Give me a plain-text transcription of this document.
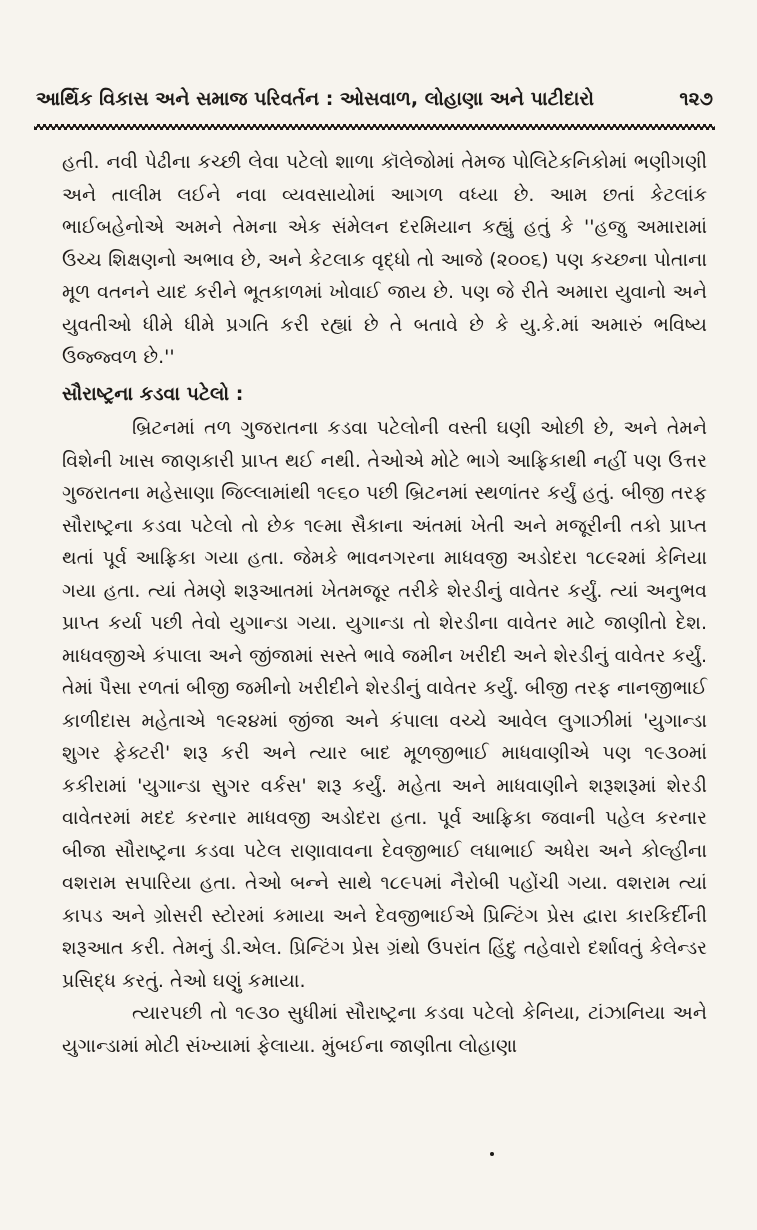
આર્થિક વિકાસ અને સમાજ પરિવર્તન : ઓસવાળ, લોહાણા અને પાટીદારો	૧૨૭

હતી. નવી પેઢીના કચ્છી લેવા પટેલો શાળા કૉલેજોમાં તેમજ પોલિટેકનિકોમાં ભણીગણી અને તાલીમ લઈને નવા વ્યવસાયોમાં આગળ વધ્યા છે. આમ છતાં કેટલાંક ભાઈબહેનોએ અમને તેમના એક સંમેલન દરમિયાન કહ્યું હતું કે ''હજુ અમારામાં ઉચ્ચ શિક્ષણનો અભાવ છે, અને કેટલાક વૃદ્ધો તો આજે (૨૦૦૬) પણ કચ્છના પોતાના મૂળ વતનને યાદ કરીને ભૂતકાળમાં ખોવાઈ જાય છે. પણ જે રીતે અમારા યુવાનો અને યુવતીઓ ધીમે ધીમે પ્રગતિ કરી રહ્યાં છે તે બતાવે છે કે યુ.કે.માં અમારું ભવિષ્ય ઉજ્જ્વળ છે.''

સૌરાષ્ટ્રના કડવા પટેલો :

બ્રિટનમાં તળ ગુજરાતના કડવા પટેલોની વસ્તી ઘણી ઓછી છે, અને તેમને વિશેની ખાસ જાણકારી પ્રાપ્ત થઈ નથી. તેઓએ મોટે ભાગે આફ્રિકાથી નહીં પણ ઉત્તર ગુજરાતના મહેસાણા જિલ્લામાંથી ૧૯૬૦ પછી બ્રિટનમાં સ્થળાંતર કર્યું હતું. બીજી તરફ સૌરાષ્ટ્રના કડવા પટેલો તો છેક ૧૯મા સૈકાના અંતમાં ખેતી અને મજૂરીની તકો પ્રાપ્ત થતાં પૂર્વ આફ્રિકા ગયા હતા. જેમકે ભાવનગરના માધવજી અડોદરા ૧૮૯૨માં કેનિયા ગયા હતા. ત્યાં તેમણે શરૂઆતમાં ખેતમજૂર તરીકે શેરડીનું વાવેતર કર્યું. ત્યાં અનુભવ પ્રાપ્ત કર્યા પછી તેવો યુગાન્ડા ગયા. યુગાન્ડા તો શેરડીના વાવેતર માટે જાણીતો દેશ. માધવજીએ કંપાલા અને જીંજામાં સસ્તે ભાવે જમીન ખરીદી અને શેરડીનું વાવેતર કર્યું. તેમાં પૈસા રળતાં બીજી જમીનો ખરીદીને શેરડીનું વાવેતર કર્યું. બીજી તરફ નાનજીભાઈ કાળીદાસ મહેતાએ ૧૯૨૪માં જીંજા અને કંપાલા વચ્ચે આવેલ લુગાઝીમાં 'યુગાન્ડા શુગર ફેક્ટરી' શરૂ કરી અને ત્યાર બાદ મૂળજીભાઈ માધવાણીએ પણ ૧૯૩૦માં કકીરામાં 'યુગાન્ડા સુગર વર્કસ' શરૂ કર્યું. મહેતા અને માધવાણીને શરૂશરૂમાં શેરડી વાવેતરમાં મદદ કરનાર માધવજી અડોદરા હતા. પૂર્વ આફ્રિકા જવાની પહેલ કરનાર બીજા સૌરાષ્ટ્રના કડવા પટેલ રાણાવાવના દેવજીભાઈ લધાભાઈ અધેરા અને કોલ્હીના વશરામ સપારિયા હતા. તેઓ બન્ને સાથે ૧૮૯૫માં નૈરોબી પહોંચી ગયા. વશરામ ત્યાં કાપડ અને ગ્રોસરી સ્ટોરમાં કમાયા અને દેવજીભાઈએ પ્રિન્ટિંગ પ્રેસ દ્વારા કારકિર્દીની શરૂઆત કરી. તેમનું ડી.એલ. પ્રિન્ટિંગ પ્રેસ ગ્રંથો ઉપરાંત હિંદુ તહેવારો દર્શાવતું કેલેન્ડર પ્રસિદ્ધ કરતું. તેઓ ઘણું કમાયા.

ત્યારપછી તો ૧૯૩૦ સુધીમાં સૌરાષ્ટ્રના કડવા પટેલો કેનિયા, ટાંઝાનિયા અને યુગાન્ડામાં મોટી સંખ્યામાં ફેલાયા. મુંબઈના જાણીતા લોહાણા
